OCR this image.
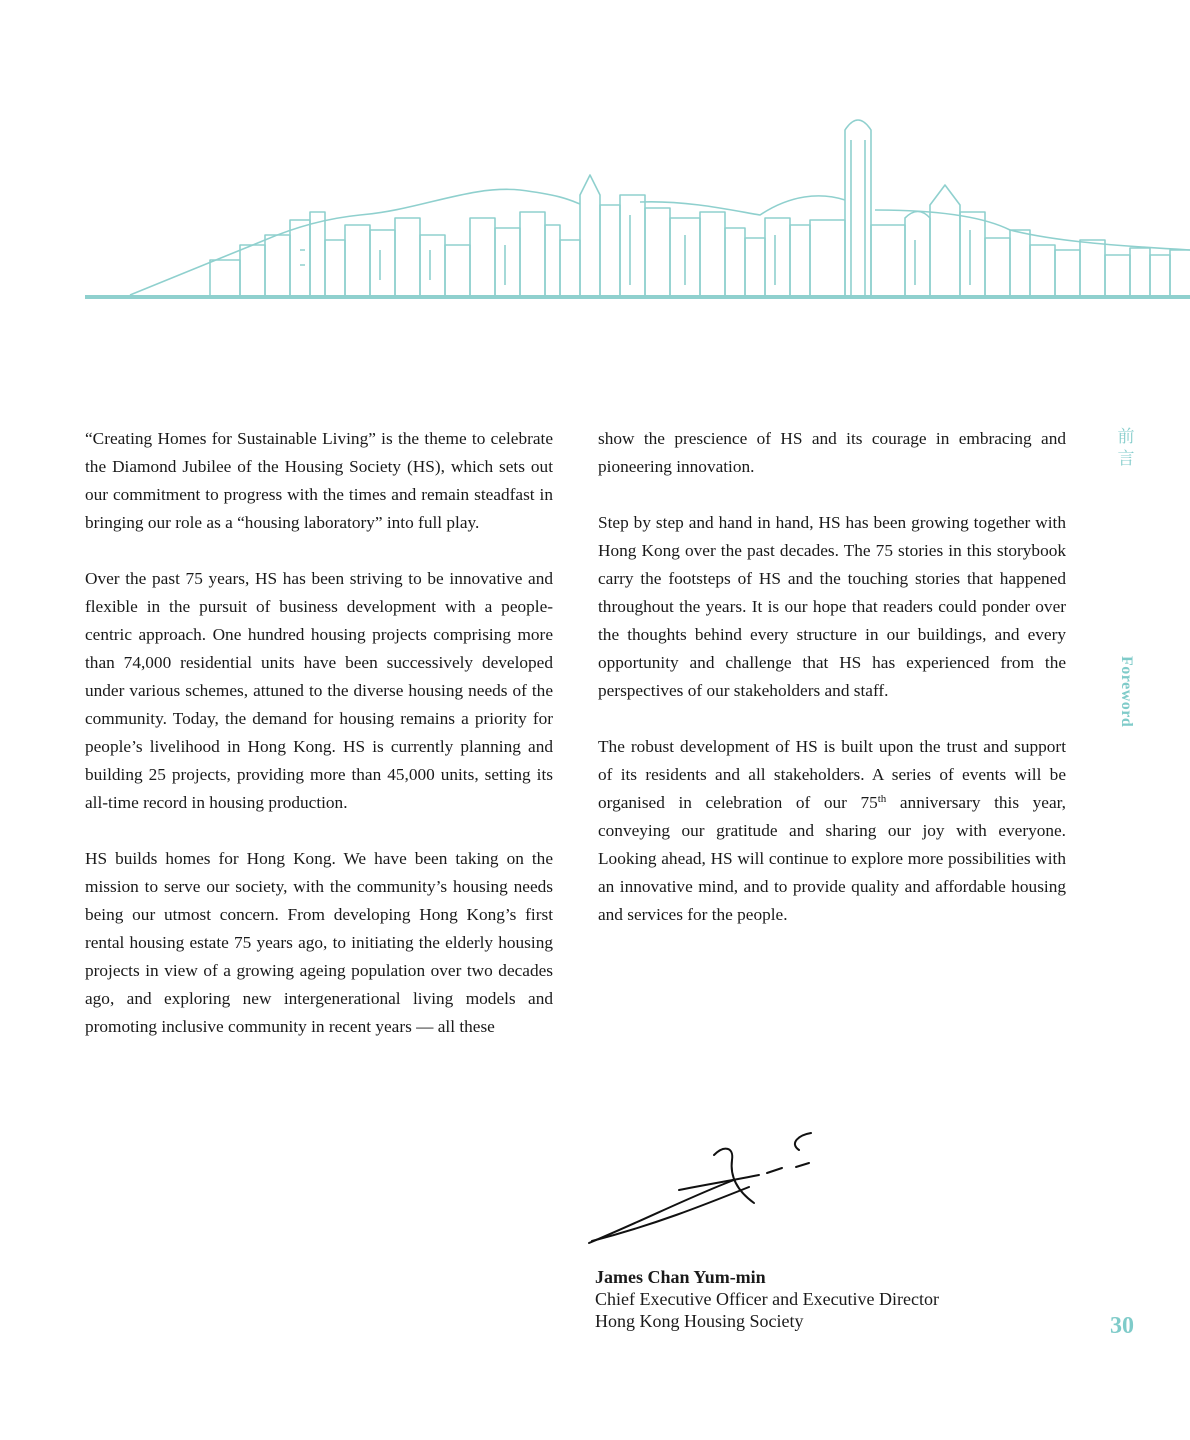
“Creating Homes for Sustainable Living” is the theme to celebrate the Diamond Jubilee of the Housing Society (HS), which sets out our commitment to progress with the times and remain steadfast in bringing our role as a “housing laboratory” into full play.

Over the past 75 years, HS has been striving to be innovative and flexible in the pursuit of business development with a people-centric approach. One hundred housing projects comprising more than 74,000 residential units have been successively developed under various schemes, attuned to the diverse housing needs of the community. Today, the demand for housing remains a priority for people’s livelihood in Hong Kong. HS is currently planning and building 25 projects, providing more than 45,000 units, setting its all-time record in housing production.

HS builds homes for Hong Kong. We have been taking on the mission to serve our society, with the community’s housing needs being our utmost concern. From developing Hong Kong’s first rental housing estate 75 years ago, to initiating the elderly housing projects in view of a growing ageing population over two decades ago, and exploring new intergenerational living models and promoting inclusive community in recent years — all these

show the prescience of HS and its courage in embracing and pioneering innovation.

Step by step and hand in hand, HS has been growing together with Hong Kong over the past decades. The 75 stories in this storybook carry the footsteps of HS and the touching stories that happened throughout the years. It is our hope that readers could ponder over the thoughts behind every structure in our buildings, and every opportunity and challenge that HS has experienced from the perspectives of our stakeholders and staff.

The robust development of HS is built upon the trust and support of its residents and all stakeholders. A series of events will be organised in celebration of our 75th anniversary this year, conveying our gratitude and sharing our joy with everyone. Looking ahead, HS will continue to explore more possibilities with an innovative mind, and to provide quality and affordable housing and services for the people.

前言
Foreword
James Chan Yum-min
Chief Executive Officer and Executive Director
Hong Kong Housing Society	30
